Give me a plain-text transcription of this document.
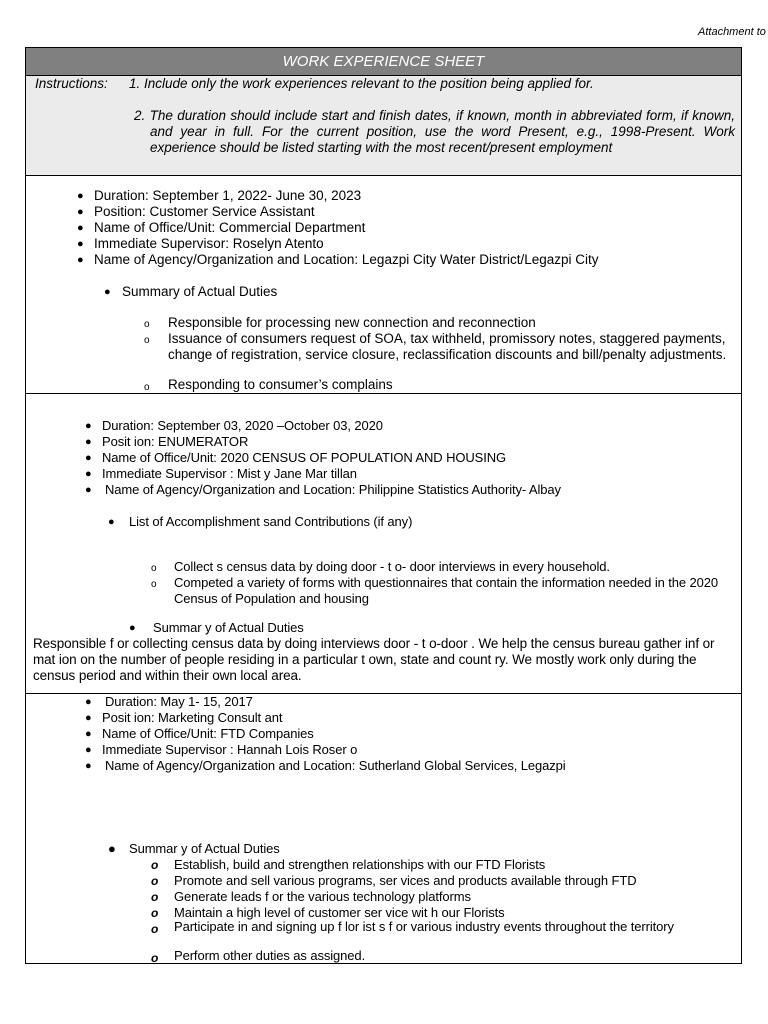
Attachment to
WORK EXPERIENCE SHEET
Instructions: 1. Include only the work experiences relevant to the position being applied for.
2. The duration should include start and finish dates, if known, month in abbreviated form, if known, and year in full. For the current position, use the word Present, e.g., 1998-Present. Work experience should be listed starting with the most recent/present employment
● Duration: September 1, 2022- June 30, 2023
● Position: Customer Service Assistant
● Name of Office/Unit: Commercial Department
● Immediate Supervisor: Roselyn Atento
● Name of Agency/Organization and Location: Legazpi City Water District/Legazpi City
● Summary of Actual Duties
o Responsible for processing new connection and reconnection
o Issuance of consumers request of SOA, tax withheld, promissory notes, staggered payments, change of registration, service closure, reclassification discounts and bill/penalty adjustments.
o Responding to consumer’s complains
● Duration: September 03, 2020 –October 03, 2020
● Posit ion: ENUMERATOR
● Name of Office/Unit: 2020 CENSUS OF POPULATION AND HOUSING
● Immediate Supervisor : Mist y Jane Mar tillan
● Name of Agency/Organization and Location: Philippine Statistics Authority- Albay
● List of Accomplishment sand Contributions (if any)
o Collect s census data by doing door - t o- door interviews in every household.
o Competed a variety of forms with questionnaires that contain the information needed in the 2020 Census of Population and housing
● Summar y of Actual Duties
Responsible f or collecting census data by doing interviews door - t o-door . We help the census bureau gather inf or mat ion on the number of people residing in a particular t own, state and count ry. We mostly work only during the census period and within their own local area.
● Duration: May 1- 15, 2017
● Posit ion: Marketing Consult ant
● Name of Office/Unit: FTD Companies
● Immediate Supervisor : Hannah Lois Roser o
● Name of Agency/Organization and Location: Sutherland Global Services, Legazpi
● Summar y of Actual Duties
o Establish, build and strengthen relationships with our FTD Florists
o Promote and sell various programs, ser vices and products available through FTD
o Generate leads f or the various technology platforms
o Maintain a high level of customer ser vice wit h our Florists
o Participate in and signing up f lor ist s f or various industry events throughout the territory
o Perform other duties as assigned.
